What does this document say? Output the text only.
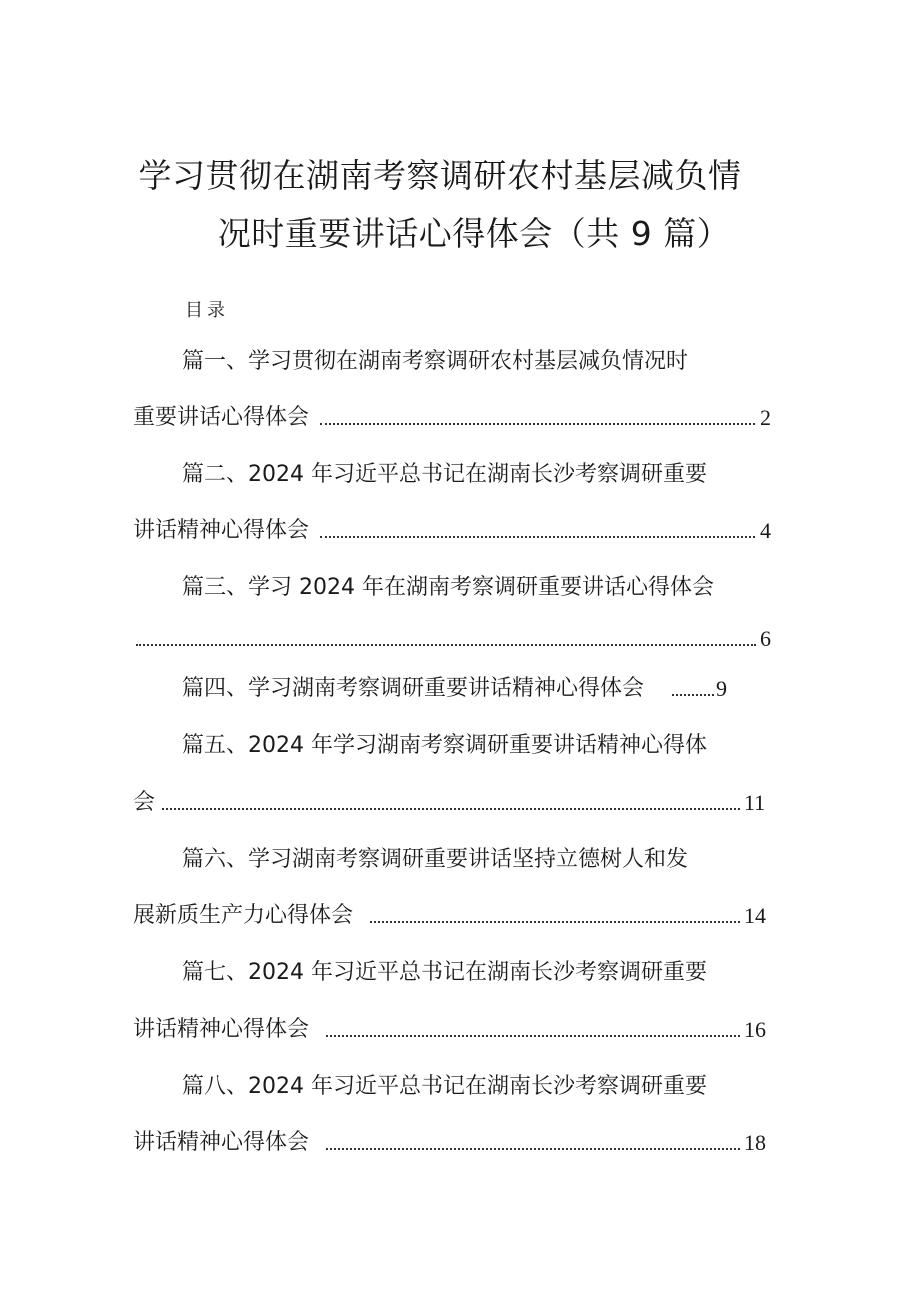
学习贯彻在湖南考察调研农村基层减负情
况时重要讲话心得体会（共 9 篇）
目录
篇一、学习贯彻在湖南考察调研农村基层减负情况时
重要讲话心得体会	2
篇二、2024 年习近平总书记在湖南长沙考察调研重要
讲话精神心得体会	4
篇三、学习 2024 年在湖南考察调研重要讲话心得体会
6
篇四、学习湖南考察调研重要讲话精神心得体会	9
篇五、2024 年学习湖南考察调研重要讲话精神心得体
会	11
篇六、学习湖南考察调研重要讲话坚持立德树人和发
展新质生产力心得体会	14
篇七、2024 年习近平总书记在湖南长沙考察调研重要
讲话精神心得体会	16
篇八、2024 年习近平总书记在湖南长沙考察调研重要
讲话精神心得体会	18
